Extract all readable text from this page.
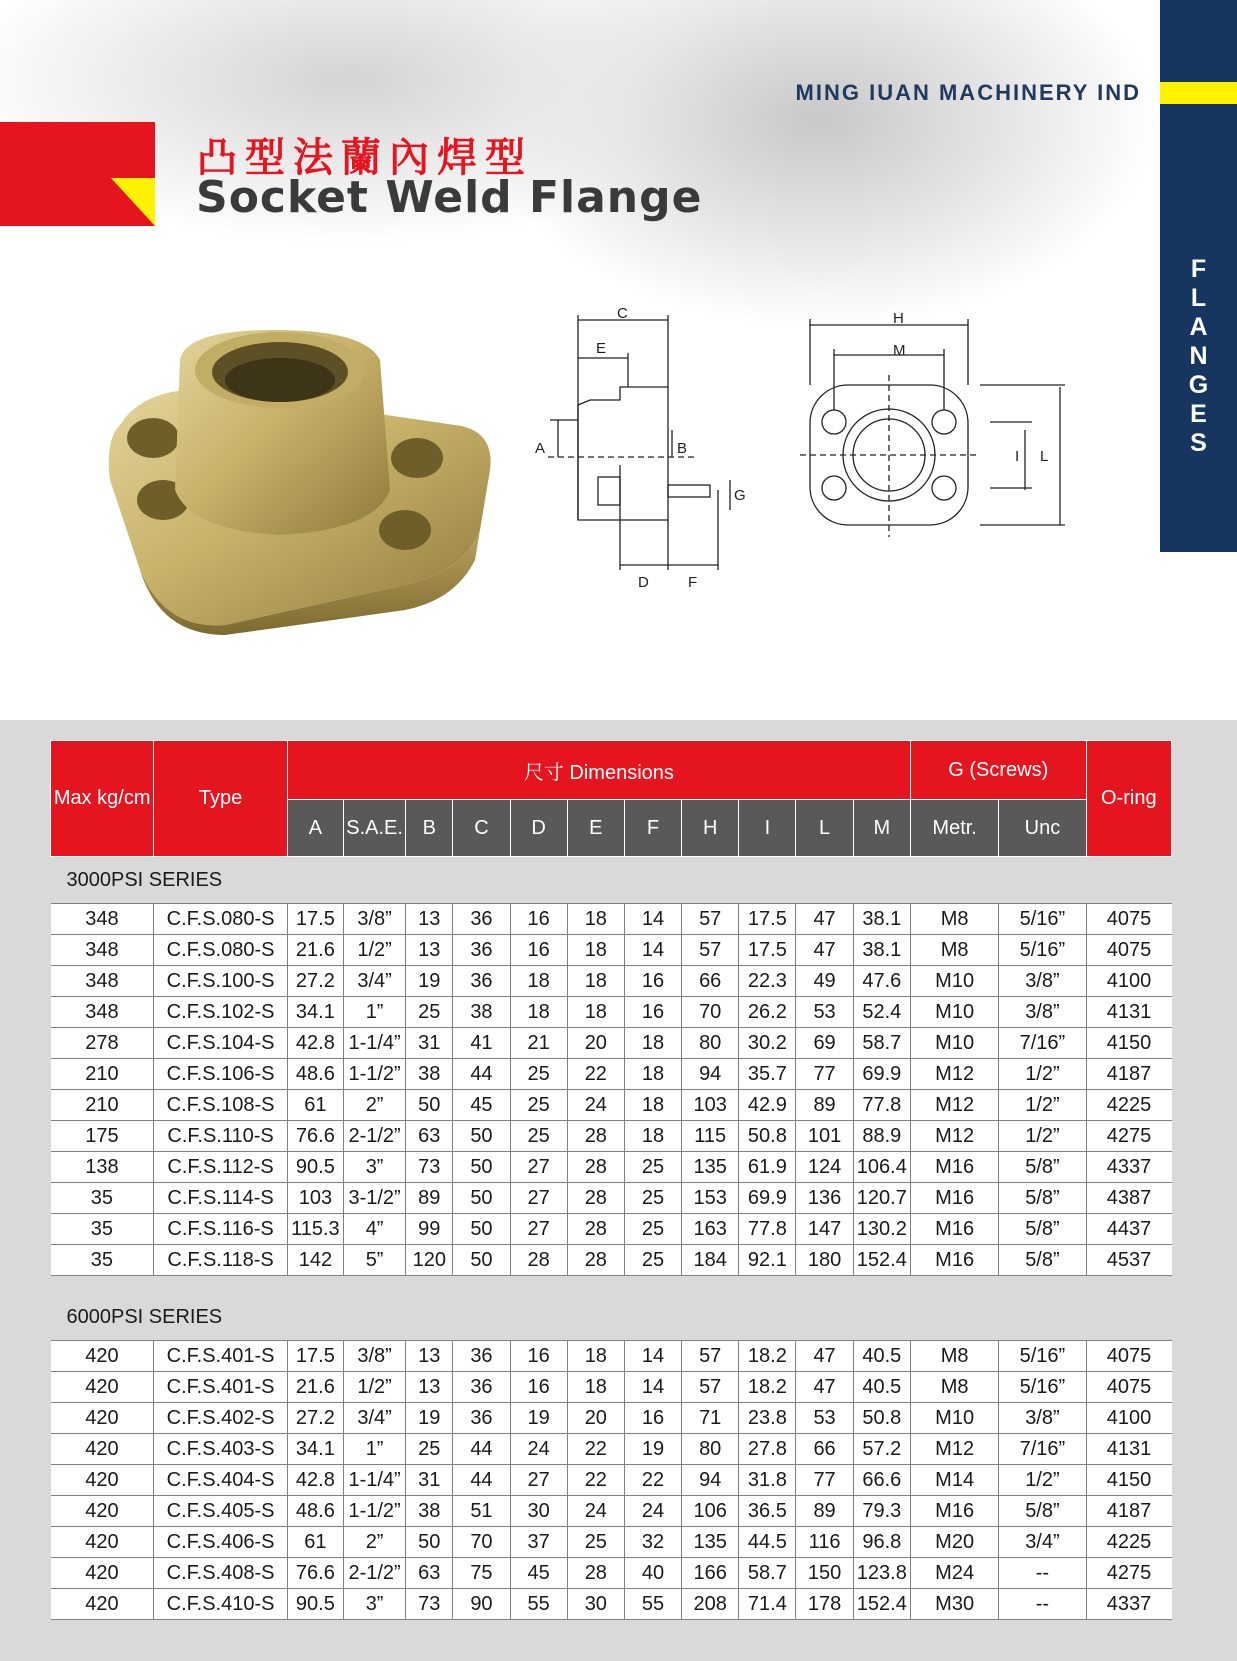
F
L
A
N
G
E
S
MING IUAN MACHINERY IND
凸型法蘭內焊型
Socket Weld Flange
C
E
A	B
G
D	F
H
M
I L
Max kg/cm	Type	尺寸 Dimensions											G (Screws)		O-ring
		A	S.A.E.	B	C	D	E	F	H	I	L	M	Metr.	Unc	
3000PSI SERIES															
348	C.F.S.080-S	17.5	3/8”	13	36	16	18	14	57	17.5	47	38.1	M8	5/16”	4075
348	C.F.S.080-S	21.6	1/2”	13	36	16	18	14	57	17.5	47	38.1	M8	5/16”	4075
348	C.F.S.100-S	27.2	3/4”	19	36	18	18	16	66	22.3	49	47.6	M10	3/8”	4100
348	C.F.S.102-S	34.1	1”	25	38	18	18	16	70	26.2	53	52.4	M10	3/8”	4131
278	C.F.S.104-S	42.8	1-1/4”	31	41	21	20	18	80	30.2	69	58.7	M10	7/16”	4150
210	C.F.S.106-S	48.6	1-1/2”	38	44	25	22	18	94	35.7	77	69.9	M12	1/2”	4187
210	C.F.S.108-S	61	2”	50	45	25	24	18	103	42.9	89	77.8	M12	1/2”	4225
175	C.F.S.110-S	76.6	2-1/2”	63	50	25	28	18	115	50.8	101	88.9	M12	1/2”	4275
138	C.F.S.112-S	90.5	3”	73	50	27	28	25	135	61.9	124	106.4	M16	5/8”	4337
35	C.F.S.114-S	103	3-1/2”	89	50	27	28	25	153	69.9	136	120.7	M16	5/8”	4387
35	C.F.S.116-S	115.3	4”	99	50	27	28	25	163	77.8	147	130.2	M16	5/8”	4437
35	C.F.S.118-S	142	5”	120	50	28	28	25	184	92.1	180	152.4	M16	5/8”	4537

6000PSI SERIES															
420	C.F.S.401-S	17.5	3/8”	13	36	16	18	14	57	18.2	47	40.5	M8	5/16”	4075
420	C.F.S.401-S	21.6	1/2”	13	36	16	18	14	57	18.2	47	40.5	M8	5/16”	4075
420	C.F.S.402-S	27.2	3/4”	19	36	19	20	16	71	23.8	53	50.8	M10	3/8”	4100
420	C.F.S.403-S	34.1	1”	25	44	24	22	19	80	27.8	66	57.2	M12	7/16”	4131
420	C.F.S.404-S	42.8	1-1/4”	31	44	27	22	22	94	31.8	77	66.6	M14	1/2”	4150
420	C.F.S.405-S	48.6	1-1/2”	38	51	30	24	24	106	36.5	89	79.3	M16	5/8”	4187
420	C.F.S.406-S	61	2”	50	70	37	25	32	135	44.5	116	96.8	M20	3/4”	4225
420	C.F.S.408-S	76.6	2-1/2”	63	75	45	28	40	166	58.7	150	123.8	M24	--	4275
420	C.F.S.410-S	90.5	3”	73	90	55	30	55	208	71.4	178	152.4	M30	--	4337
